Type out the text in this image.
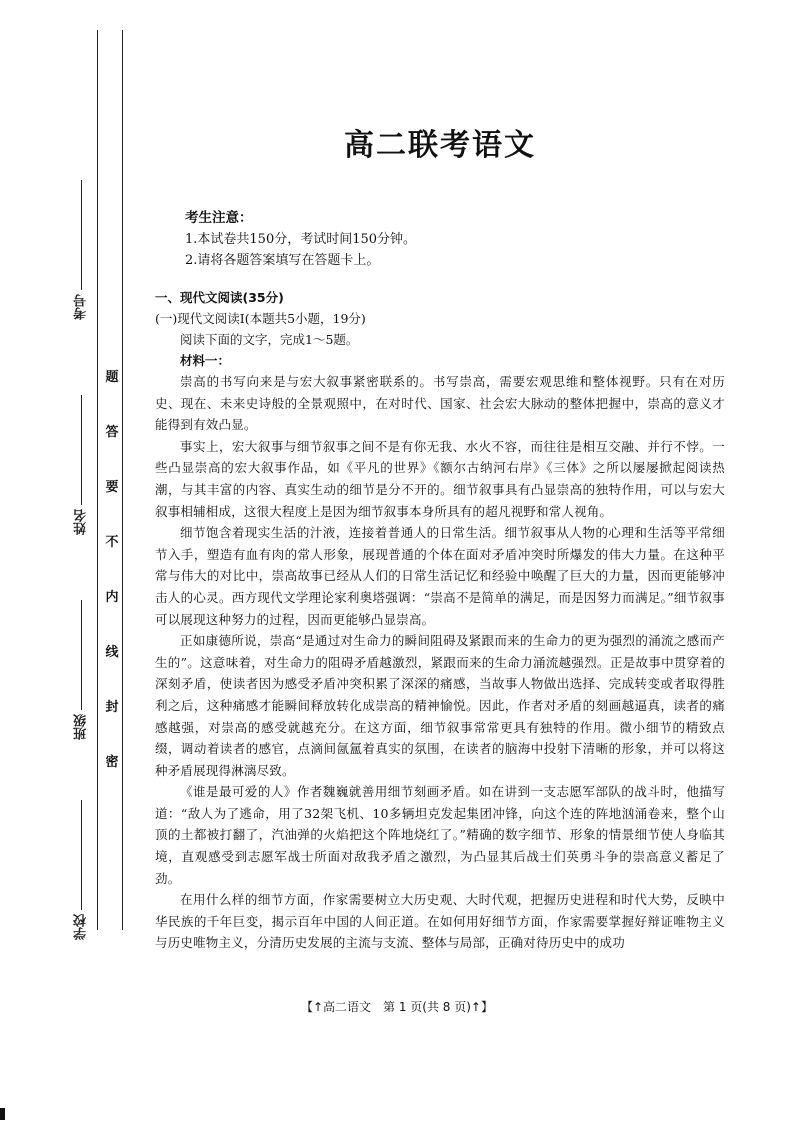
考号
姓名
班级
学校
题
答
要
不
内
线
封
密
高二联考语文
考生注意：
1.本试卷共150分，考试时间150分钟。
2.请将各题答案填写在答题卡上。
一、现代文阅读(35分)
(一)现代文阅读Ⅰ(本题共5小题，19分)
阅读下面的文字，完成1～5题。
材料一：

崇高的书写向来是与宏大叙事紧密联系的。书写崇高，需要宏观思维和整体视野。只有在对历史、现在、未来史诗般的全景观照中，在对时代、国家、社会宏大脉动的整体把握中，崇高的意义才能得到有效凸显。

事实上，宏大叙事与细节叙事之间不是有你无我、水火不容，而往往是相互交融、并行不悖。一些凸显崇高的宏大叙事作品，如《平凡的世界》《额尔古纳河右岸》《三体》之所以屡屡掀起阅读热潮，与其丰富的内容、真实生动的细节是分不开的。细节叙事具有凸显崇高的独特作用，可以与宏大叙事相辅相成，这很大程度上是因为细节叙事本身所具有的超凡视野和常人视角。

细节饱含着现实生活的汁液，连接着普通人的日常生活。细节叙事从人物的心理和生活等平常细节入手，塑造有血有肉的常人形象，展现普通的个体在面对矛盾冲突时所爆发的伟大力量。在这种平常与伟大的对比中，崇高故事已经从人们的日常生活记忆和经验中唤醒了巨大的力量，因而更能够冲击人的心灵。西方现代文学理论家利奥塔强调：“崇高不是简单的满足，而是因努力而满足。”细节叙事可以展现这种努力的过程，因而更能够凸显崇高。

正如康德所说，崇高“是通过对生命力的瞬间阻碍及紧跟而来的生命力的更为强烈的涌流之感而产生的”。这意味着，对生命力的阻碍矛盾越激烈，紧跟而来的生命力涌流越强烈。正是故事中贯穿着的深刻矛盾，使读者因为感受矛盾冲突积累了深深的痛感，当故事人物做出选择、完成转变或者取得胜利之后，这种痛感才能瞬间释放转化成崇高的精神愉悦。因此，作者对矛盾的刻画越逼真，读者的痛感越强，对崇高的感受就越充分。在这方面，细节叙事常常更具有独特的作用。微小细节的精致点缀，调动着读者的感官，点滴间氤氲着真实的氛围，在读者的脑海中投射下清晰的形象，并可以将这种矛盾展现得淋漓尽致。

《谁是最可爱的人》作者魏巍就善用细节刻画矛盾。如在讲到一支志愿军部队的战斗时，他描写道：“敌人为了逃命，用了32架飞机、10多辆坦克发起集团冲锋，向这个连的阵地汹涌卷来，整个山顶的土都被打翻了，汽油弹的火焰把这个阵地烧红了。”精确的数字细节、形象的情景细节使人身临其境，直观感受到志愿军战士所面对敌我矛盾之激烈，为凸显其后战士们英勇斗争的崇高意义蓄足了劲。

在用什么样的细节方面，作家需要树立大历史观、大时代观，把握历史进程和时代大势，反映中华民族的千年巨变，揭示百年中国的人间正道。在如何用好细节方面，作家需要掌握好辩证唯物主义与历史唯物主义，分清历史发展的主流与支流、整体与局部，正确对待历史中的成功

【↑高二语文　第 1 页(共 8 页)↑】
